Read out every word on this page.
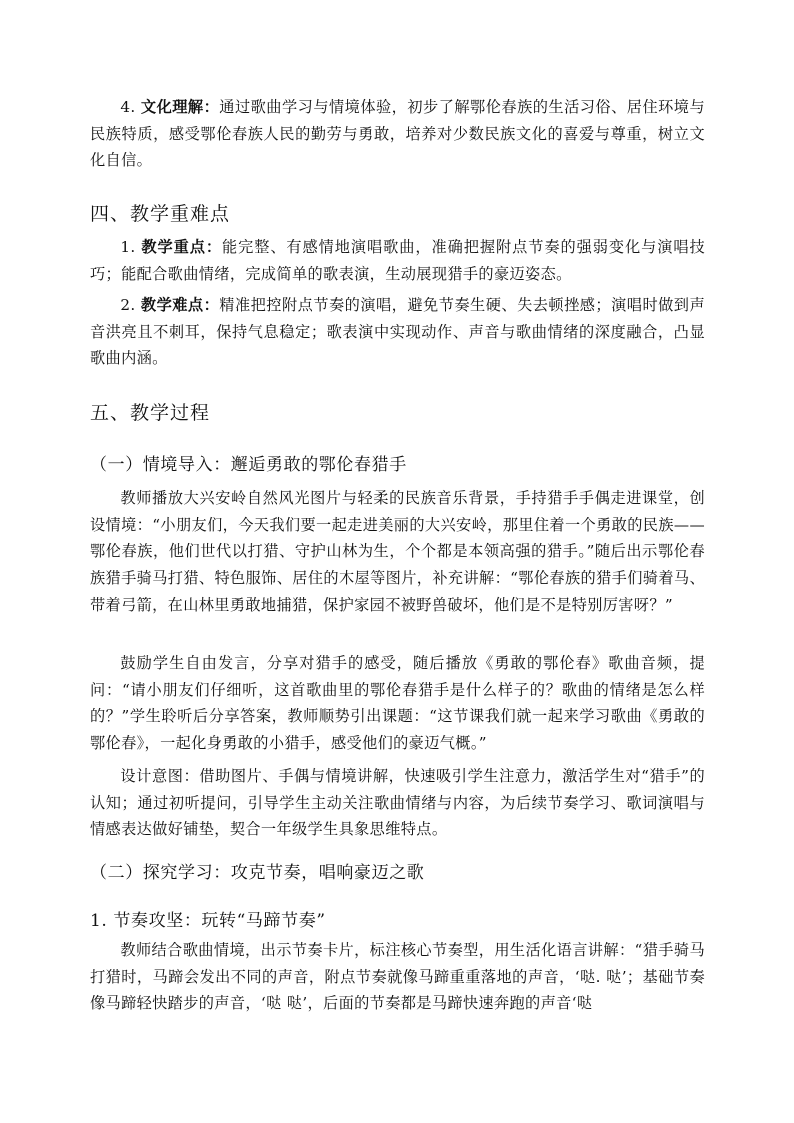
4. 文化理解：通过歌曲学习与情境体验，初步了解鄂伦春族的生活习俗、居住环境与民族特质，感受鄂伦春族人民的勤劳与勇敢，培养对少数民族文化的喜爱与尊重，树立文化自信。

四、教学重难点

1. 教学重点：能完整、有感情地演唱歌曲，准确把握附点节奏的强弱变化与演唱技巧；能配合歌曲情绪，完成简单的歌表演，生动展现猎手的豪迈姿态。

2. 教学难点：精准把控附点节奏的演唱，避免节奏生硬、失去顿挫感；演唱时做到声音洪亮且不刺耳，保持气息稳定；歌表演中实现动作、声音与歌曲情绪的深度融合，凸显歌曲内涵。

五、教学过程
（一）情境导入：邂逅勇敢的鄂伦春猎手

教师播放大兴安岭自然风光图片与轻柔的民族音乐背景，手持猎手手偶走进课堂，创设情境：“小朋友们，今天我们要一起走进美丽的大兴安岭，那里住着一个勇敢的民族——鄂伦春族，他们世代以打猎、守护山林为生，个个都是本领高强的猎手。”随后出示鄂伦春族猎手骑马打猎、特色服饰、居住的木屋等图片，补充讲解：“鄂伦春族的猎手们骑着马、带着弓箭，在山林里勇敢地捕猎，保护家园不被野兽破坏，他们是不是特别厉害呀？”

鼓励学生自由发言，分享对猎手的感受，随后播放《勇敢的鄂伦春》歌曲音频，提问：“请小朋友们仔细听，这首歌曲里的鄂伦春猎手是什么样子的？歌曲的情绪是怎么样的？”学生聆听后分享答案，教师顺势引出课题：“这节课我们就一起来学习歌曲《勇敢的鄂伦春》，一起化身勇敢的小猎手，感受他们的豪迈气概。”

设计意图：借助图片、手偶与情境讲解，快速吸引学生注意力，激活学生对“猎手”的认知；通过初听提问，引导学生主动关注歌曲情绪与内容，为后续节奏学习、歌词演唱与情感表达做好铺垫，契合一年级学生具象思维特点。

（二）探究学习：攻克节奏，唱响豪迈之歌
1. 节奏攻坚：玩转“马蹄节奏”

教师结合歌曲情境，出示节奏卡片，标注核心节奏型，用生活化语言讲解：“猎手骑马打猎时，马蹄会发出不同的声音，附点节奏就像马蹄重重落地的声音，‘哒. 哒’；基础节奏像马蹄轻快踏步的声音，‘哒 哒’，后面的节奏都是马蹄快速奔跑的声音‘哒
